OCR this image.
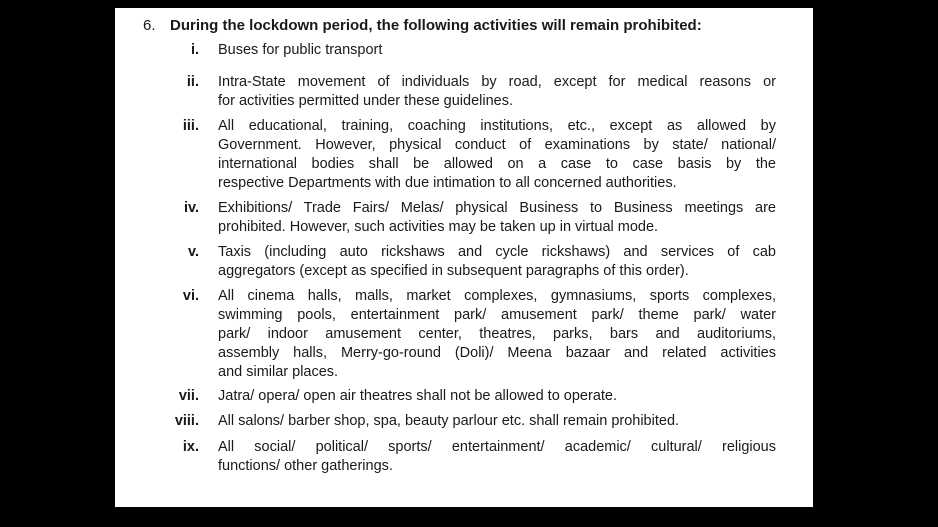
6. During the lockdown period, the following activities will remain prohibited:
i. Buses for public transport
ii. Intra-State movement of individuals by road, except for medical reasons or
for activities permitted under these guidelines.
iii. All educational, training, coaching institutions, etc., except as allowed by
Government. However, physical conduct of examinations by state/ national/
international bodies shall be allowed on a case to case basis by the
respective Departments with due intimation to all concerned authorities.
iv. Exhibitions/ Trade Fairs/ Melas/ physical Business to Business meetings are
prohibited. However, such activities may be taken up in virtual mode.
v. Taxis (including auto rickshaws and cycle rickshaws) and services of cab
aggregators (except as specified in subsequent paragraphs of this order).
vi. All cinema halls, malls, market complexes, gymnasiums, sports complexes,
swimming pools, entertainment park/ amusement park/ theme park/ water
park/ indoor amusement center, theatres, parks, bars and auditoriums,
assembly halls, Merry-go-round (Doli)/ Meena bazaar and related activities
and similar places.
vii. Jatra/ opera/ open air theatres shall not be allowed to operate.
viii. All salons/ barber shop, spa, beauty parlour etc. shall remain prohibited.
ix. All social/ political/ sports/ entertainment/ academic/ cultural/ religious
functions/ other gatherings.
